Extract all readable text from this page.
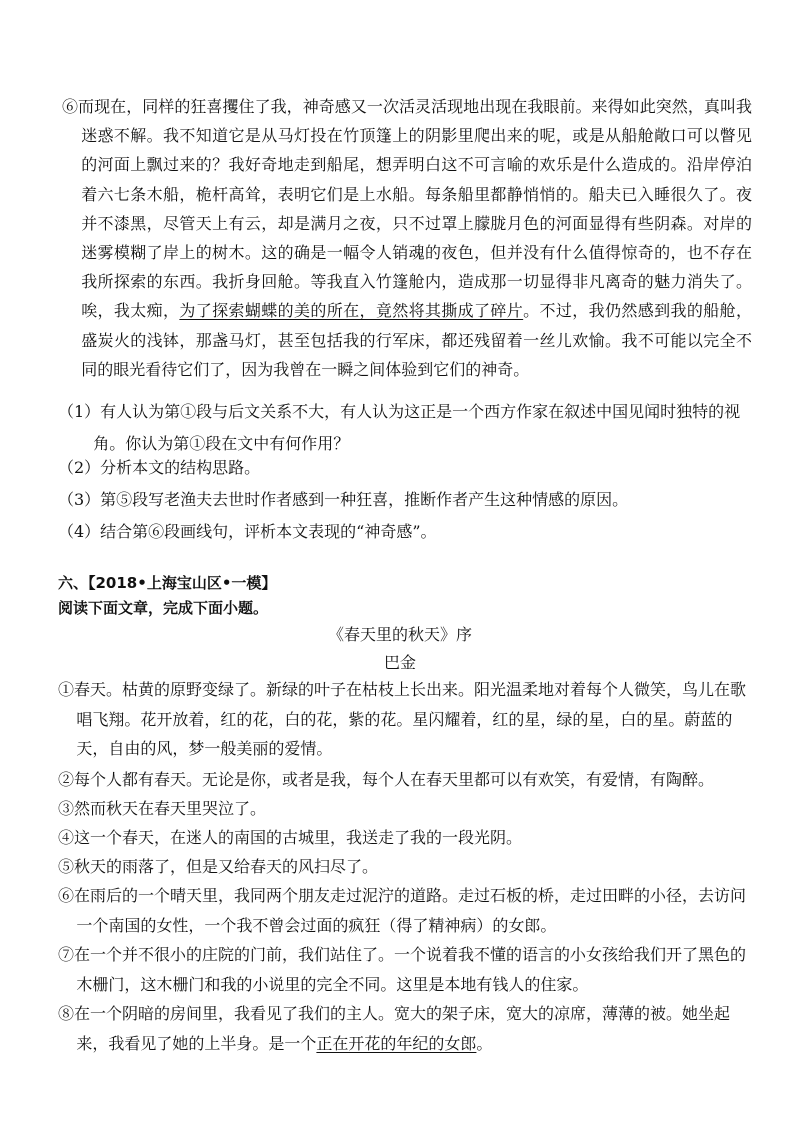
⑥而现在，同样的狂喜攫住了我，神奇感又一次活灵活现地出现在我眼前。来得如此突然，真叫我迷惑不解。我不知道它是从马灯投在竹顶篷上的阴影里爬出来的呢，或是从船舱敞口可以瞥见的河面上飘过来的？我好奇地走到船尾，想弄明白这不可言喻的欢乐是什么造成的。沿岸停泊着六七条木船，桅杆高耸，表明它们是上水船。每条船里都静悄悄的。船夫已入睡很久了。夜并不漆黑，尽管天上有云，却是满月之夜，只不过罩上朦胧月色的河面显得有些阴森。对岸的迷雾模糊了岸上的树木。这的确是一幅令人销魂的夜色，但并没有什么值得惊奇的，也不存在我所探索的东西。我折身回舱。等我直入竹篷舱内，造成那一切显得非凡离奇的魅力消失了。唉，我太痴，为了探索蝴蝶的美的所在，竟然将其撕成了碎片。不过，我仍然感到我的船舱，盛炭火的浅钵，那盏马灯，甚至包括我的行军床，都还残留着一丝儿欢愉。我不可能以完全不同的眼光看待它们了，因为我曾在一瞬之间体验到它们的神奇。

（1）有人认为第①段与后文关系不大，有人认为这正是一个西方作家在叙述中国见闻时独特的视角。你认为第①段在文中有何作用？

（2）分析本文的结构思路。

（3）第⑤段写老渔夫去世时作者感到一种狂喜，推断作者产生这种情感的原因。

（4）结合第⑥段画线句，评析本文表现的“神奇感”。

六、【2018•上海宝山区•一模】

阅读下面文章，完成下面小题。

《春天里的秋天》序

巴金

①春天。枯黄的原野变绿了。新绿的叶子在枯枝上长出来。阳光温柔地对着每个人微笑，鸟儿在歌唱飞翔。花开放着，红的花，白的花，紫的花。星闪耀着，红的星，绿的星，白的星。蔚蓝的天，自由的风，梦一般美丽的爱情。

②每个人都有春天。无论是你，或者是我，每个人在春天里都可以有欢笑，有爱情，有陶醉。

③然而秋天在春天里哭泣了。

④这一个春天，在迷人的南国的古城里，我送走了我的一段光阴。

⑤秋天的雨落了，但是又给春天的风扫尽了。

⑥在雨后的一个晴天里，我同两个朋友走过泥泞的道路。走过石板的桥，走过田畔的小径，去访问一个南国的女性，一个我不曾会过面的疯狂（得了精神病）的女郎。

⑦在一个并不很小的庄院的门前，我们站住了。一个说着我不懂的语言的小女孩给我们开了黑色的木栅门，这木栅门和我的小说里的完全不同。这里是本地有钱人的住家。

⑧在一个阴暗的房间里，我看见了我们的主人。宽大的架子床，宽大的凉席，薄薄的被。她坐起来，我看见了她的上半身。是一个正在开花的年纪的女郎。
